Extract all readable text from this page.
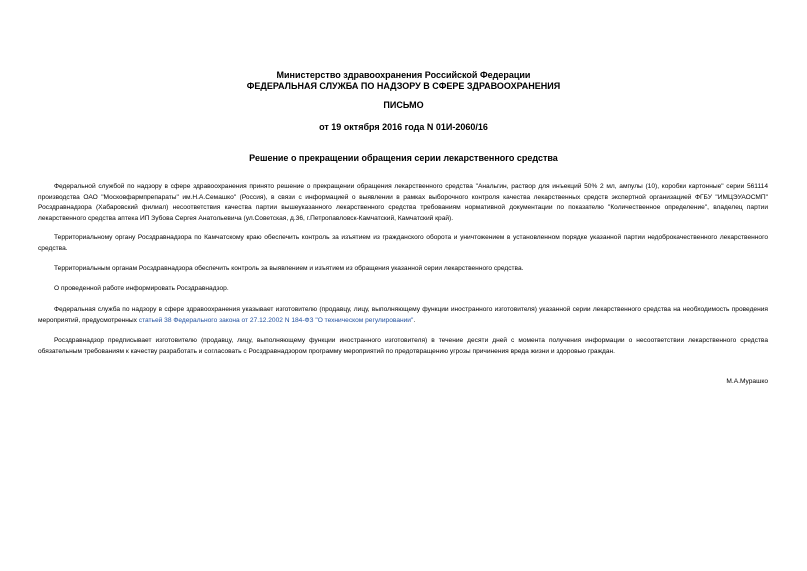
Министерство здравоохранения Российской Федерации
ФЕДЕРАЛЬНАЯ СЛУЖБА ПО НАДЗОРУ В СФЕРЕ ЗДРАВООХРАНЕНИЯ
ПИСЬМО
от 19 октября 2016 года N 01И-2060/16
Решение о прекращении обращения серии лекарственного средства

Федеральной службой по надзору в сфере здравоохранения принято решение о прекращении обращения лекарственного средства "Анальгин, раствор для инъекций 50% 2 мл, ампулы (10), коробки картонные" серии 561114 производства ОАО "Московфармпрепараты" им.Н.А.Семашко" (Россия), в связи с информацией о выявлении в рамках выборочного контроля качества лекарственных средств экспертной организацией ФГБУ "ИМЦЭУАОСМП" Росздравнадзора (Хабаровский филиал) несоответствия качества партии вышеуказанного лекарственного средства требованиям нормативной документации по показателю "Количественное определение", владелец партии лекарственного средства аптека ИП Зубова Сергея Анатольевича (ул.Советская, д.36, г.Петропавловск-Камчатский, Камчатский край).

Территориальному органу Росздравнадзора по Камчатскому краю обеспечить контроль за изъятием из гражданского оборота и уничтожением в установленном порядке указанной партии недоброкачественного лекарственного средства.

Территориальным органам Росздравнадзора обеспечить контроль за выявлением и изъятием из обращения указанной серии лекарственного средства.

О проведенной работе информировать Росздравнадзор.

Федеральная служба по надзору в сфере здравоохранения указывает изготовителю (продавцу, лицу, выполняющему функции иностранного изготовителя) указанной серии лекарственного средства на необходимость проведения мероприятий, предусмотренных статьей 38 Федерального закона от 27.12.2002 N 184-ФЗ "О техническом регулировании".

Росздравнадзор предписывает изготовителю (продавцу, лицу, выполняющему функции иностранного изготовителя) в течение десяти дней с момента получения информации о несоответствии лекарственного средства обязательным требованиям к качеству разработать и согласовать с Росздравнадзором программу мероприятий по предотвращению угрозы причинения вреда жизни и здоровью граждан.

М.А.Мурашко
